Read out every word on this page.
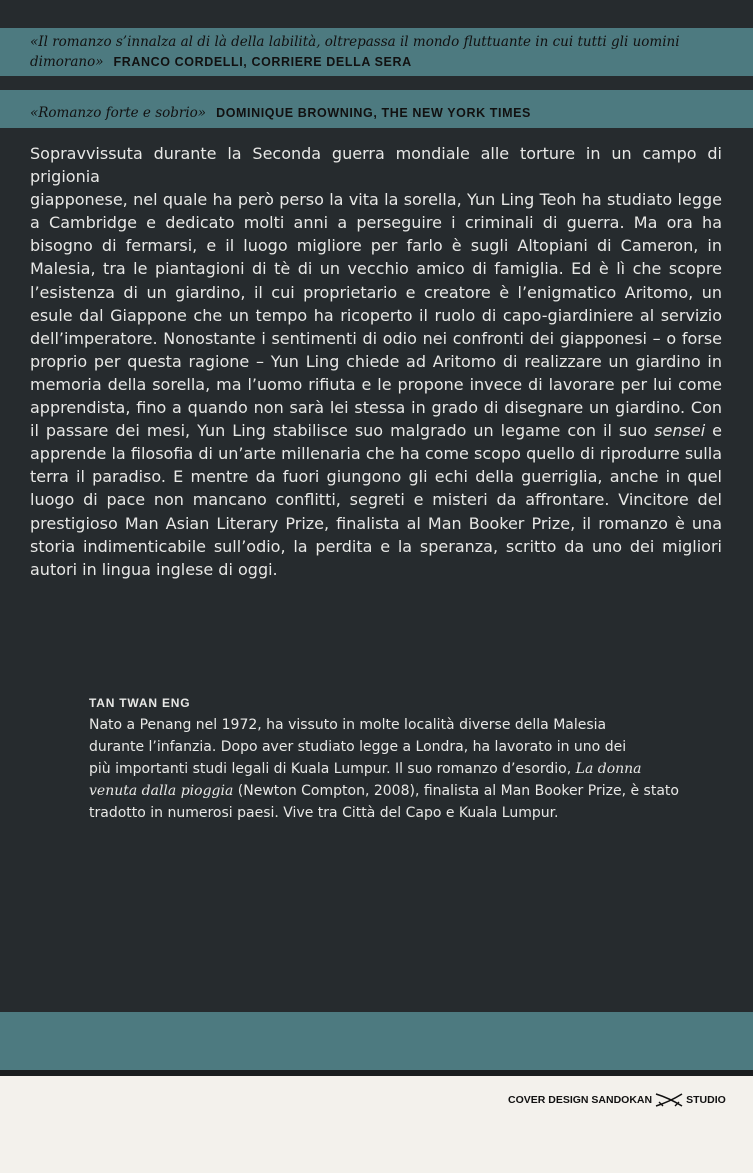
«Il romanzo s’innalza al di là della labilità, oltrepassa il mondo fluttuante in cui tutti gli uomini
dimorano» FRANCO CORDELLI, CORRIERE DELLA SERA
«Romanzo forte e sobrio» DOMINIQUE BROWNING, THE NEW YORK TIMES

Sopravvissuta durante la Seconda guerra mondiale alle torture in un campo di prigionia
giapponese, nel quale ha però perso la vita la sorella, Yun Ling Teoh ha studiato legge
a Cambridge e dedicato molti anni a perseguire i criminali di guerra. Ma ora ha
bisogno di fermarsi, e il luogo migliore per farlo è sugli Altopiani di Cameron, in
Malesia, tra le piantagioni di tè di un vecchio amico di famiglia. Ed è lì che scopre
l’esistenza di un giardino, il cui proprietario e creatore è l’enigmatico Aritomo, un
esule dal Giappone che un tempo ha ricoperto il ruolo di capo-giardiniere al servizio
dell’imperatore. Nonostante i sentimenti di odio nei confronti dei giapponesi – o forse
proprio per questa ragione – Yun Ling chiede ad Aritomo di realizzare un giardino in
memoria della sorella, ma l’uomo rifiuta e le propone invece di lavorare per lui come
apprendista, fino a quando non sarà lei stessa in grado di disegnare un giardino. Con
il passare dei mesi, Yun Ling stabilisce suo malgrado un legame con il suo sensei e
apprende la filosofia di un’arte millenaria che ha come scopo quello di riprodurre sulla
terra il paradiso. E mentre da fuori giungono gli echi della guerriglia, anche in quel
luogo di pace non mancano conflitti, segreti e misteri da affrontare. Vincitore del
prestigioso Man Asian Literary Prize, finalista al Man Booker Prize, il romanzo è una
storia indimenticabile sull’odio, la perdita e la speranza, scritto da uno dei migliori
autori in lingua inglese di oggi.

TAN TWAN ENG

Nato a Penang nel 1972, ha vissuto in molte località diverse della Malesia
durante l’infanzia. Dopo aver studiato legge a Londra, ha lavorato in uno dei
più importanti studi legali di Kuala Lumpur. Il suo romanzo d’esordio, La donna
venuta dalla pioggia (Newton Compton, 2008), finalista al Man Booker Prize, è stato
tradotto in numerosi paesi. Vive tra Città del Capo e Kuala Lumpur.

COVER DESIGN SANDOKAN	STUDIO
